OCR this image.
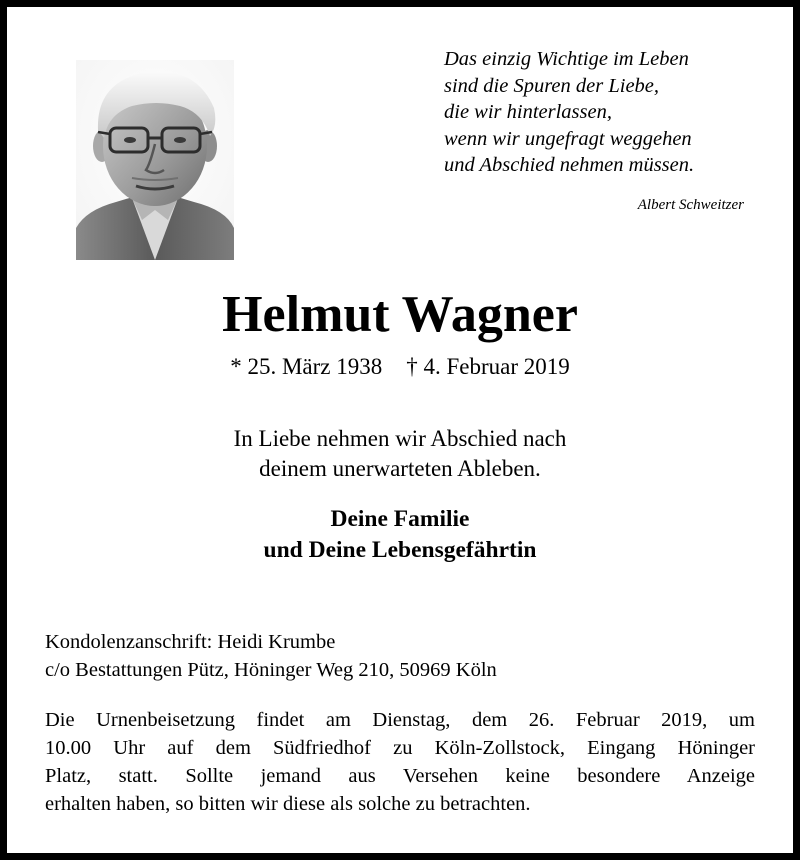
Das einzig Wichtige im Leben
sind die Spuren der Liebe,
die wir hinterlassen,
wenn wir ungefragt weggehen
und Abschied nehmen müssen.
Albert Schweitzer
Helmut Wagner
* 25. März 1938 † 4. Februar 2019
In Liebe nehmen wir Abschied nach
deinem unerwarteten Ableben.
Deine Familie
und Deine Lebensgefährtin
Kondolenzanschrift: Heidi Krumbe
c/o Bestattungen Pütz, Höninger Weg 210, 50969 Köln
Die Urnenbeisetzung findet am Dienstag, dem 26. Februar 2019, um
10.00 Uhr auf dem Südfriedhof zu Köln-Zollstock, Eingang Höninger
Platz, statt. Sollte jemand aus Versehen keine besondere Anzeige
erhalten haben, so bitten wir diese als solche zu betrachten.
